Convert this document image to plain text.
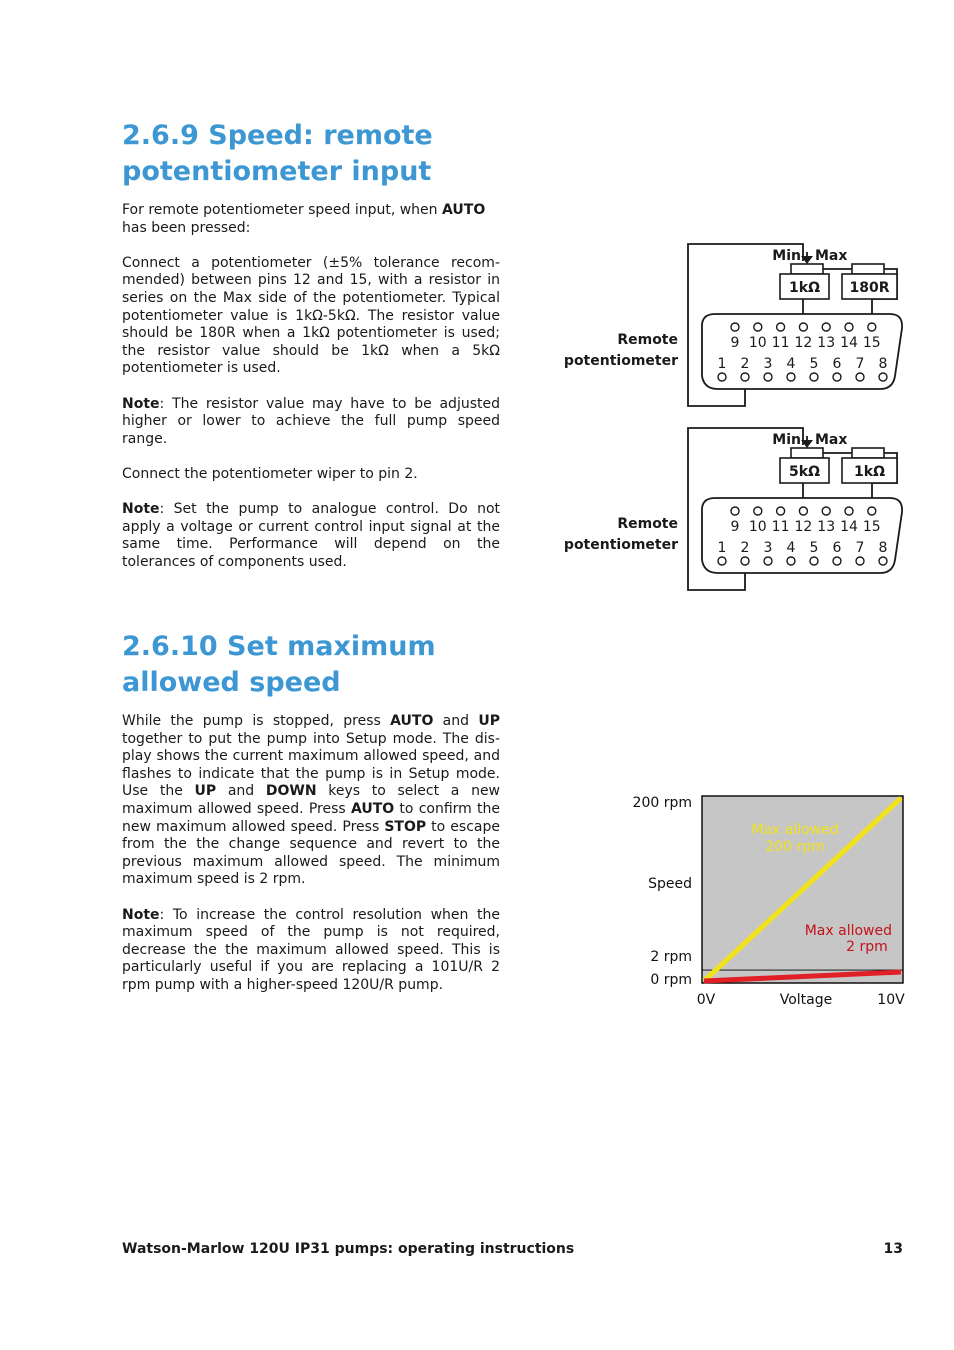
2.6.9 Speed: remote
potentiometer input

For remote potentiometer speed input, when AUTO has been pressed:

Connect a potentiometer (±5% tolerance recommended) between pins 12 and 15, with a resistor in series on the Max side of the potentiometer. Typical potentiometer value is 1kΩ-5kΩ. The resistor value should be 180R when a 1kΩ potentiometer is used; the resistor value should be 1kΩ when a 5kΩ potentiometer is used.

Note: The resistor value may have to be adjusted higher or lower to achieve the full pump speed range.

Connect the potentiometer wiper to pin 2.

Note: Set the pump to analogue control. Do not apply a voltage or current control input signal at the same time. Performance will depend on the tolerances of components used.

Remote
potentiometer
Min Max
1kΩ 180R
9 10 11 12 13 14 15
1 2 3 4 5 6 7 8
Remote
potentiometer
Min Max
5kΩ 1kΩ
9 10 11 12 13 14 15
1 2 3 4 5 6 7 8
2.6.10 Set maximum
allowed speed

While the pump is stopped, press AUTO and UP together to put the pump into Setup mode. The display shows the current maximum allowed speed, and flashes to indicate that the pump is in Setup mode. Use the UP and DOWN keys to select a new maximum allowed speed. Press AUTO to confirm the new maximum allowed speed. Press STOP to escape from the the change sequence and revert to the previous maximum allowed speed. The minimum maximum speed is 2 rpm.

Note: To increase the control resolution when the maximum speed of the pump is not required, decrease the the maximum allowed speed. This is particularly useful if you are replacing a 101U/R 2 rpm pump with a higher-speed 120U/R pump.

200 rpm
Speed
2 rpm
0 rpm
0V	Voltage	10V
Max allowed
200 rpm
Max allowed
2 rpm
Watson-Marlow 120U IP31 pumps: operating instructions	13
